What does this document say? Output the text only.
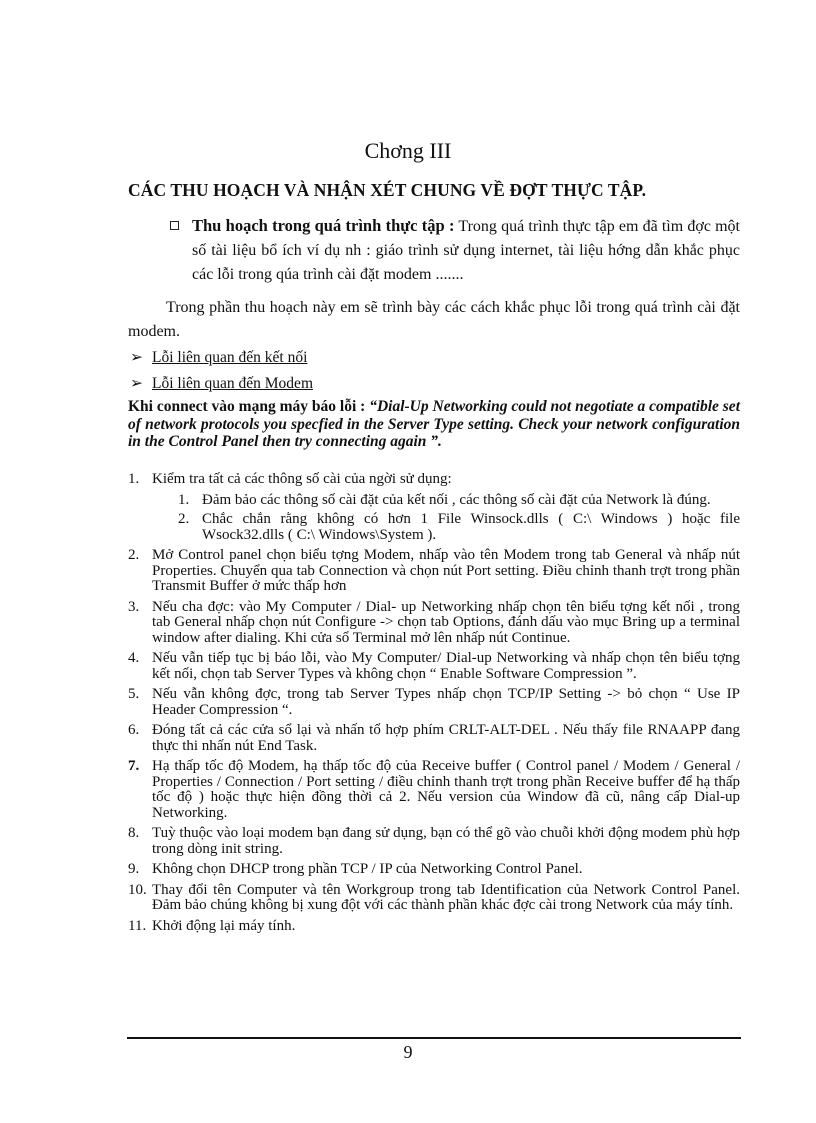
Chơng III
CÁC THU HOẠCH VÀ NHẬN XÉT CHUNG VỀ ĐỢT THỰC TẬP.
Thu hoạch trong quá trình thực tập : Trong quá trình thực tập em đã tìm đợc một số tài liệu bổ ích ví dụ nh : giáo trình sử dụng internet, tài liệu hớng dẫn khắc phục các lỗi trong qúa trình cài đặt modem .......
Trong phần thu hoạch này em sẽ trình bày các cách khắc phục lỗi trong quá trình cài đặt modem.
➢ Lỗi liên quan đến kết nối
➢ Lỗi liên quan đến Modem
Khi connect vào mạng máy báo lỗi : “Dial-Up Networking could not negotiate a compatible set of network protocols you specfied in the Server Type setting. Check your network configuration in the Control Panel then try connecting again ”.
1. Kiểm tra tất cả các thông số cài của ngời sử dụng:
1. Đảm bảo các thông số cài đặt của kết nối , các thông số cài đặt của Network là đúng.
2. Chắc chắn rằng không có hơn 1 File Winsock.dlls ( C:\ Windows ) hoặc file Wsock32.dlls ( C:\ Windows\System ).
2. Mở Control panel chọn biểu tợng Modem, nhấp vào tên Modem trong tab General và nhấp nút Properties. Chuyển qua tab Connection và chọn nút Port setting. Điều chỉnh thanh trợt trong phần Transmit Buffer ở mức thấp hơn
3. Nếu cha đợc: vào My Computer / Dial- up Networking nhấp chọn tên biểu tợng kết nối , trong tab General nhấp chọn nút Configure -> chọn tab Options, đánh dấu vào mục Bring up a terminal window after dialing. Khi cửa sổ Terminal mở lên nhấp nút Continue.
4. Nếu vẫn tiếp tục bị báo lỗi, vào My Computer/ Dial-up Networking và nhấp chọn tên biểu tợng kết nối, chọn tab Server Types và không chọn “ Enable Software Compression ”.
5. Nếu vẫn không đợc, trong tab Server Types nhấp chọn TCP/IP Setting -> bỏ chọn “ Use IP Header Compression “.
6. Đóng tất cả các cửa sổ lại và nhấn tổ hợp phím CRLT-ALT-DEL . Nếu thấy file RNAAPP đang thực thi nhấn nút End Task.
7. Hạ thấp tốc độ Modem, hạ thấp tốc độ của Receive buffer ( Control panel / Modem / General / Properties / Connection / Port setting / điều chỉnh thanh trợt trong phần Receive buffer để hạ thấp tốc độ ) hoặc thực hiện đồng thời cả 2. Nếu version của Window đã cũ, nâng cấp Dial-up Networking.
8. Tuỳ thuộc vào loại modem bạn đang sử dụng, bạn có thể gõ vào chuỗi khởi động modem phù hợp trong dòng init string.
9. Không chọn DHCP trong phần TCP / IP của Networking Control Panel.
10. Thay đổi tên Computer và tên Workgroup trong tab Identification của Network Control Panel. Đảm bảo chúng không bị xung đột với các thành phần khác đợc cài trong Network của máy tính.
11. Khởi động lại máy tính.
9
